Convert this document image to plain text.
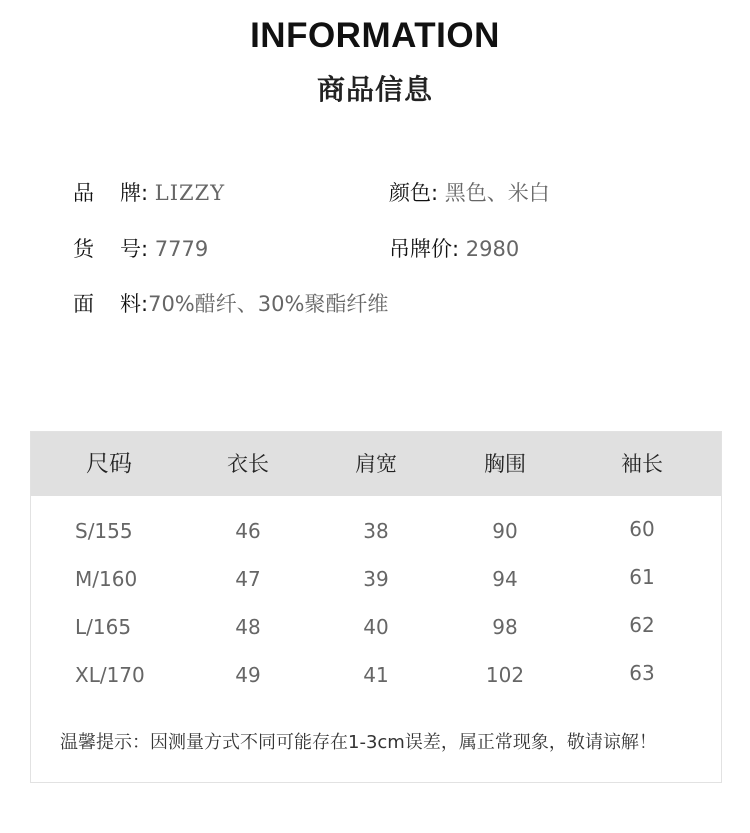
INFORMATION
商品信息
品 牌: LIZZY	颜色: 黑色、米白
货 号: 7779	吊牌价: 2980
面 料:70%醋纤、30%聚酯纤维
尺码	衣长	肩宽	胸围	袖长
S/155	46	38	90	60
M/160	47	39	94	61
L/165	48	40	98	62
XL/170	49	41	102	63
温馨提示：因测量方式不同可能存在1-3cm误差，属正常现象，敬请谅解！
